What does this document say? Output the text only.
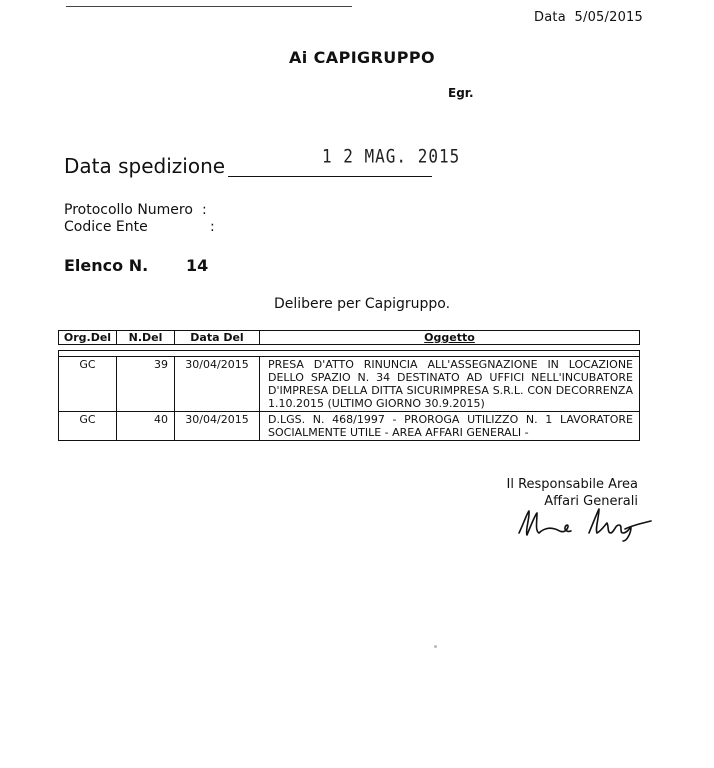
Data 5/05/2015
Ai CAPIGRUPPO
Egr.
Data spedizione	1 2 MAG. 2015
Protocollo Numero :
Codice Ente	:
Elenco N. 14
Delibere per Capigruppo.
Org.Del	N.Del	Data Del	Oggetto
GC	39	30/04/2015	PRESA D'ATTO RINUNCIA ALL'ASSEGNAZIONE IN LOCAZIONE DELLO SPAZIO N. 34 DESTINATO AD UFFICI NELL'INCUBATORE D'IMPRESA DELLA DITTA SICURIMPRESA S.R.L. CON DECORRENZA 1.10.2015 (ULTIMO GIORNO 30.9.2015)
GC	40	30/04/2015	D.LGS. N. 468/1997 - PROROGA UTILIZZO N. 1 LAVORATORE SOCIALMENTE UTILE - AREA AFFARI GENERALI -
Il Responsabile Area
Affari Generali
